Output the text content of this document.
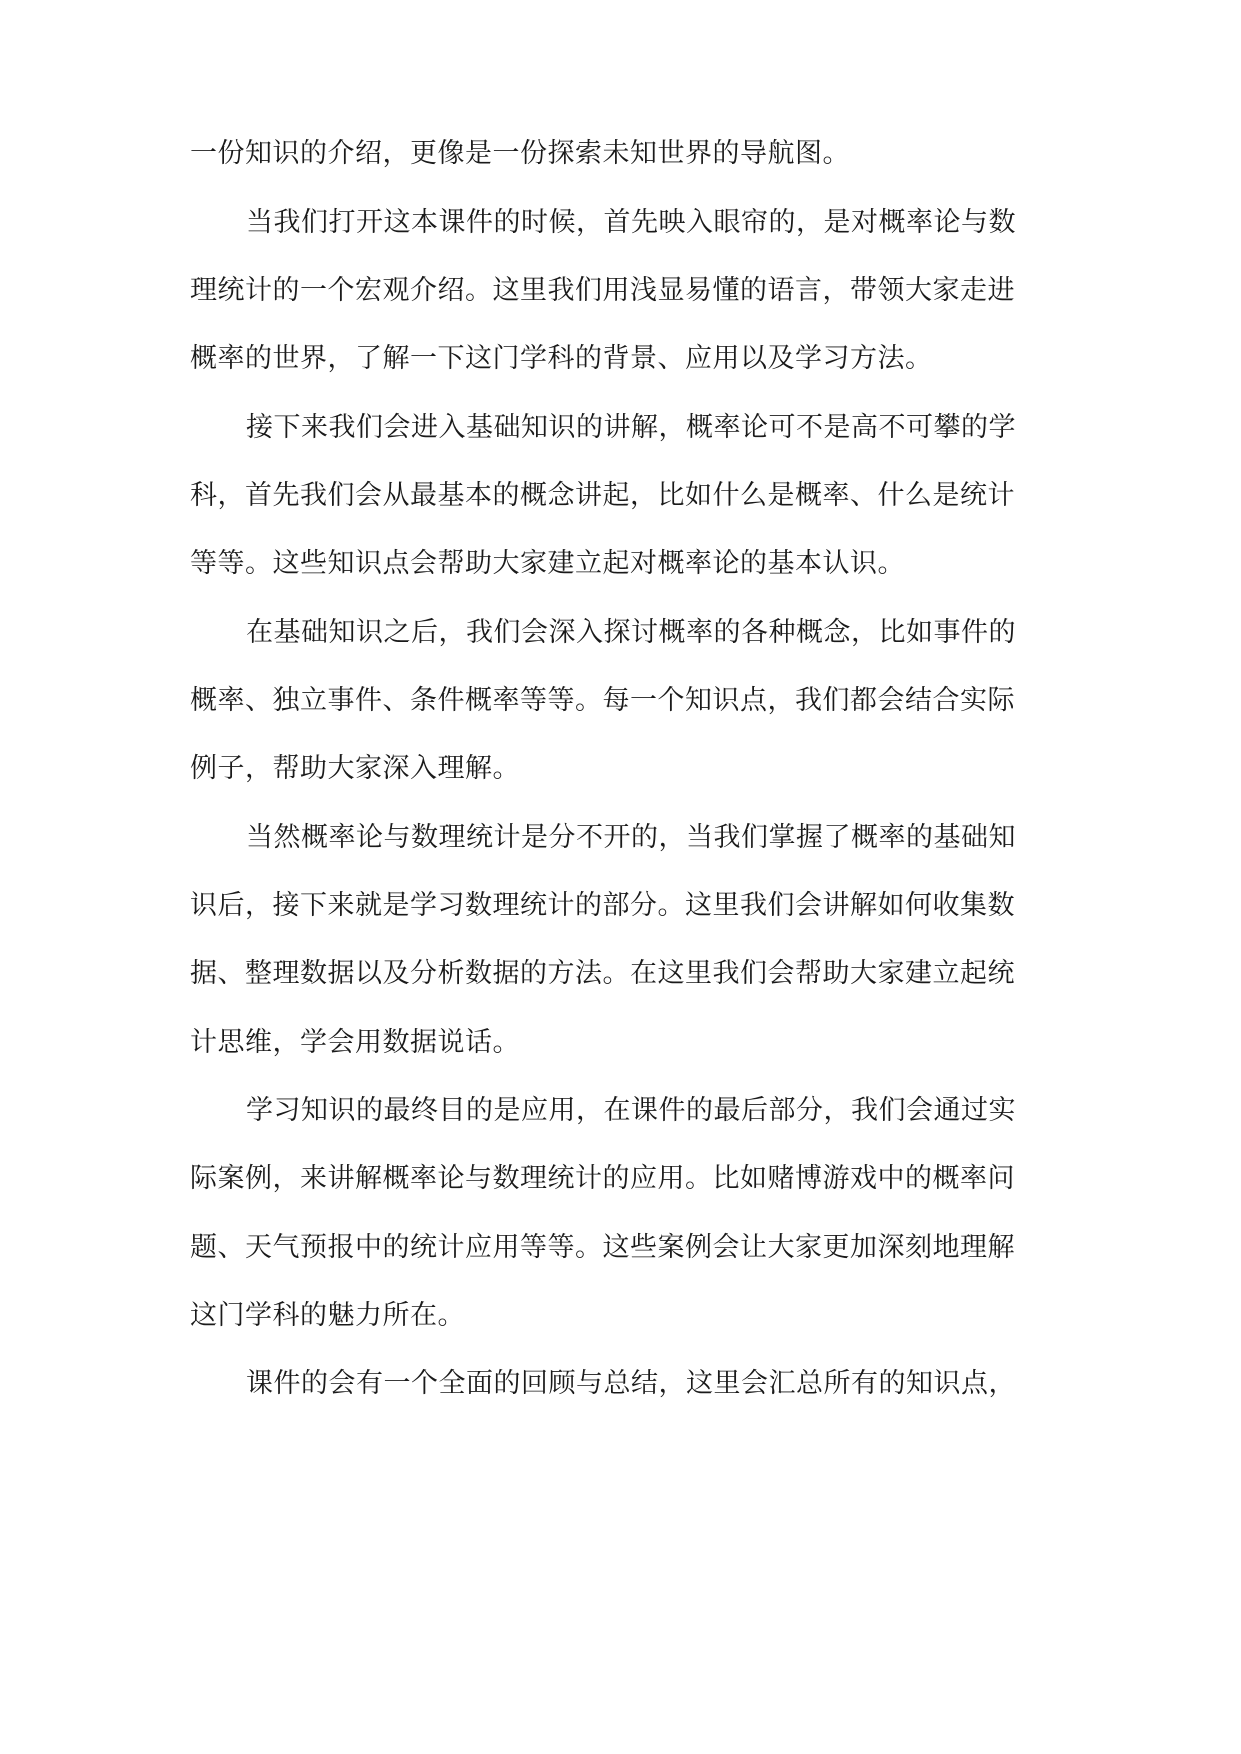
一份知识的介绍，更像是一份探索未知世界的导航图。

当我们打开这本课件的时候，首先映入眼帘的，是对概率论与数

理统计的一个宏观介绍。这里我们用浅显易懂的语言，带领大家走进

概率的世界，了解一下这门学科的背景、应用以及学习方法。

接下来我们会进入基础知识的讲解，概率论可不是高不可攀的学

科，首先我们会从最基本的概念讲起，比如什么是概率、什么是统计

等等。这些知识点会帮助大家建立起对概率论的基本认识。

在基础知识之后，我们会深入探讨概率的各种概念，比如事件的

概率、独立事件、条件概率等等。每一个知识点，我们都会结合实际

例子，帮助大家深入理解。

当然概率论与数理统计是分不开的，当我们掌握了概率的基础知

识后，接下来就是学习数理统计的部分。这里我们会讲解如何收集数

据、整理数据以及分析数据的方法。在这里我们会帮助大家建立起统

计思维，学会用数据说话。

学习知识的最终目的是应用，在课件的最后部分，我们会通过实

际案例，来讲解概率论与数理统计的应用。比如赌博游戏中的概率问

题、天气预报中的统计应用等等。这些案例会让大家更加深刻地理解

这门学科的魅力所在。

课件的会有一个全面的回顾与总结，这里会汇总所有的知识点，
